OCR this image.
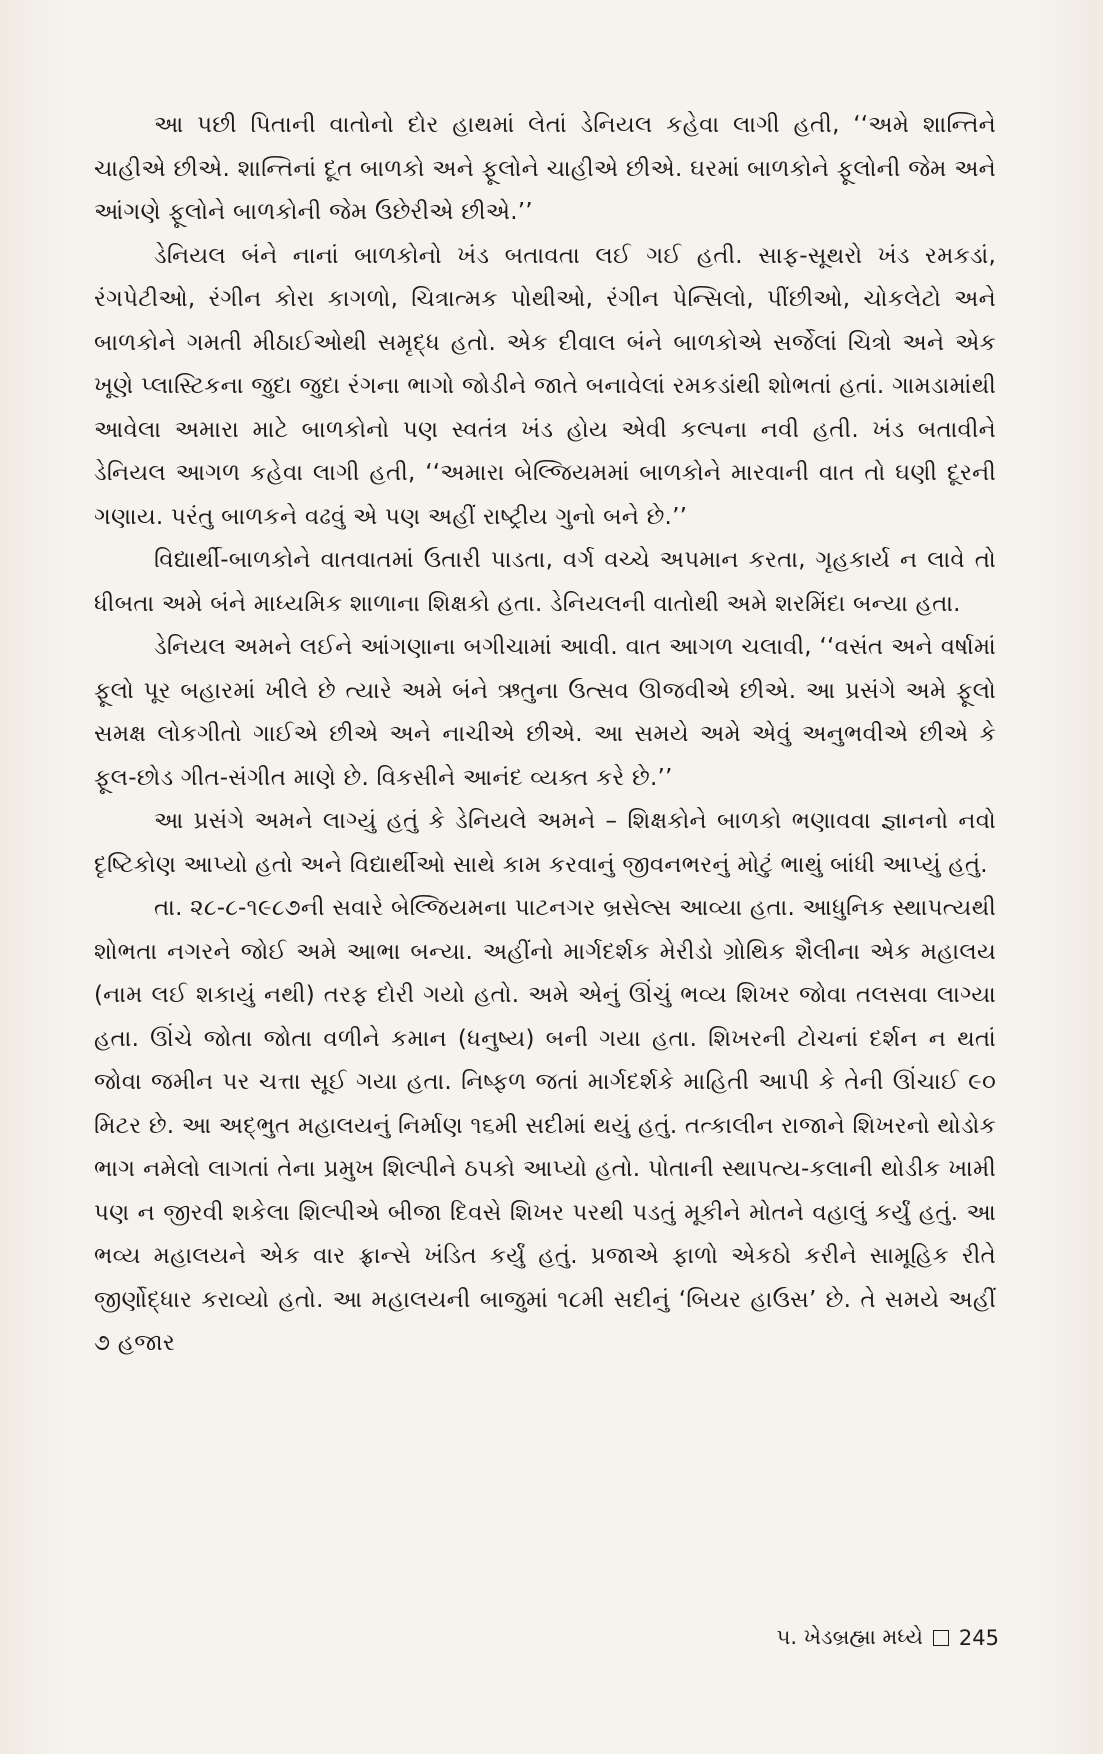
આ પછી પિતાની વાતોનો દોર હાથમાં લેતાં ડેનિયલ કહેવા લાગી હતી, ‘‘અમે શાન્તિને ચાહીએ છીએ. શાન્તિનાં દૂત બાળકો અને ફૂલોને ચાહીએ છીએ. ઘરમાં બાળકોને ફૂલોની જેમ અને આંગણે ફૂલોને બાળકોની જેમ ઉછેરીએ છીએ.’’

ડેનિયલ બંને નાનાં બાળકોનો ખંડ બતાવતા લઈ ગઈ હતી. સાફ-સૂથરો ખંડ રમકડાં, રંગપેટીઓ, રંગીન કોરા કાગળો, ચિત્રાત્મક પોથીઓ, રંગીન પેન્સિલો, પીંછીઓ, ચોકલેટો અને બાળકોને ગમતી મીઠાઈઓથી સમૃદ્ધ હતો. એક દીવાલ બંને બાળકોએ સર્જેલાં ચિત્રો અને એક ખૂણે પ્લાસ્ટિકના જુદા જુદા રંગના ભાગો જોડીને જાતે બનાવેલાં રમકડાંથી શોભતાં હતાં. ગામડામાંથી આવેલા અમારા માટે બાળકોનો પણ સ્વતંત્ર ખંડ હોય એવી કલ્પના નવી હતી. ખંડ બતાવીને ડેનિયલ આગળ કહેવા લાગી હતી, ‘‘અમારા બેલ્જિયમમાં બાળકોને મારવાની વાત તો ઘણી દૂરની ગણાય. પરંતુ બાળકને વઢવું એ પણ અહીં રાષ્ટ્રીય ગુનો બને છે.’’

વિદ્યાર્થી-બાળકોને વાતવાતમાં ઉતારી પાડતા, વર્ગ વચ્ચે અપમાન કરતા, ગૃહકાર્ય ન લાવે તો ધીબતા અમે બંને માધ્યમિક શાળાના શિક્ષકો હતા. ડેનિયલની વાતોથી અમે શરમિંદા બન્યા હતા.

ડેનિયલ અમને લઈને આંગણાના બગીચામાં આવી. વાત આગળ ચલાવી, ‘‘વસંત અને વર્ષામાં ફૂલો પૂર બહારમાં ખીલે છે ત્યારે અમે બંને ઋતુના ઉત્સવ ઊજવીએ છીએ. આ પ્રસંગે અમે ફૂલો સમક્ષ લોકગીતો ગાઈએ છીએ અને નાચીએ છીએ. આ સમયે અમે એવું અનુભવીએ છીએ કે ફૂલ-છોડ ગીત-સંગીત માણે છે. વિકસીને આનંદ વ્યક્ત કરે છે.’’

આ પ્રસંગે અમને લાગ્યું હતું કે ડેનિયલે અમને – શિક્ષકોને બાળકો ભણાવવા જ્ઞાનનો નવો દૃષ્ટિકોણ આપ્યો હતો અને વિદ્યાર્થીઓ સાથે કામ કરવાનું જીવનભરનું મોટું ભાથું બાંધી આપ્યું હતું.

તા. ૨૮-૮-૧૯૮૭ની સવારે બેલ્જિયમના પાટનગર બ્રસેલ્સ આવ્યા હતા. આધુનિક સ્થાપત્યથી શોભતા નગરને જોઈ અમે આભા બન્યા. અહીંનો માર્ગદર્શક મેરીડો ગ્રોથિક શૈલીના એક મહાલય (નામ લઈ શકાયું નથી) તરફ દોરી ગયો હતો. અમે એનું ઊંચું ભવ્ય શિખર જોવા તલસવા લાગ્યા હતા. ઊંચે જોતા જોતા વળીને કમાન (ધનુષ્ય) બની ગયા હતા. શિખરની ટોચનાં દર્શન ન થતાં જોવા જમીન પર ચત્તા સૂઈ ગયા હતા. નિષ્ફળ જતાં માર્ગદર્શકે માહિતી આપી કે તેની ઊંચાઈ ૯૦ મિટર છે. આ અદ્ભુત મહાલયનું નિર્માણ ૧૬મી સદીમાં થયું હતું. તત્કાલીન રાજાને શિખરનો થોડોક ભાગ નમેલો લાગતાં તેના પ્રમુખ શિલ્પીને ઠપકો આપ્યો હતો. પોતાની સ્થાપત્ય-કલાની થોડીક ખામી પણ ન જીરવી શકેલા શિલ્પીએ બીજા દિવસે શિખર પરથી પડતું મૂકીને મોતને વહાલું કર્યું હતું. આ ભવ્ય મહાલયને એક વાર ફ્રાન્સે ખંડિત કર્યું હતું. પ્રજાએ ફાળો એકઠો કરીને સામૂહિક રીતે જીર્ણોદ્ધાર કરાવ્યો હતો. આ મહાલયની બાજુમાં ૧૮મી સદીનું ‘બિયર હાઉસ’ છે. તે સમયે અહીં ૭ હજાર

૫. ખેડબ્રહ્મા મધ્યે 245
